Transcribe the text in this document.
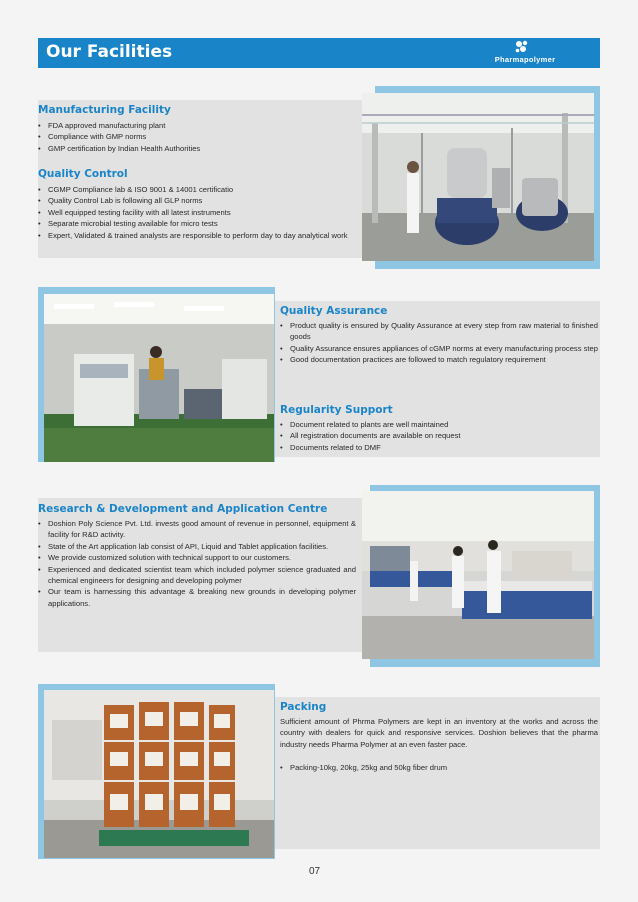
Our Facilities	Pharmapolymer
Manufacturing Facility
• FDA approved manufacturing plant
• Compliance with GMP norms
• GMP certification by Indian Health Authorities
Quality Control
• CGMP Compliance lab & ISO 9001 & 14001 certificatio
• Quality Control Lab is following all GLP norms
• Well equipped testing facility with all latest instruments
• Separate microbial testing available for micro tests
• Expert, Validated & trained analysts are responsible to perform day to day analytical work
Quality Assurance
• Product quality is ensured by Quality Assurance at every step from raw material to finished goods
• Quality Assurance ensures appliances of cGMP norms at every manufacturing process step
• Good documentation practices are followed to match regulatory requirement
Regularity Support
• Document related to plants are well maintained
• All registration documents are available on request
• Documents related to DMF
Research & Development and Application Centre
• Doshion Poly Science Pvt. Ltd. invests good amount of revenue in personnel, equipment & facility for R&D activity.
• State of the Art application lab consist of API, Liquid and Tablet application facilities.
• We provide customized solution with technical support to our customers.
• Experienced and dedicated scientist team which included polymer science graduated and chemical engineers for designing and developing polymer
• Our team is harnessing this advantage & breaking new grounds in developing polymer applications.
Packing
Sufficient amount of Phrma Polymers are kept in an inventory at the works and across the country with dealers for quick and responsive services. Doshion believes that the pharma industry needs Pharma Polymer at an even faster pace.
• Packing-10kg, 20kg, 25kg and 50kg fiber drum
07
